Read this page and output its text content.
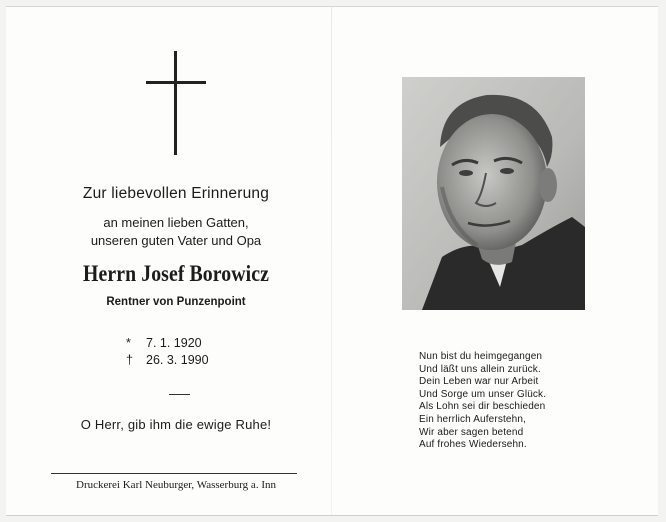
Zur liebevollen Erinnerung
an meinen lieben Gatten,
unseren guten Vater und Opa
Herrn Josef Borowicz
Rentner von Punzenpoint
* 7. 1. 1920
† 26. 3. 1990
O Herr, gib ihm die ewige Ruhe!
Druckerei Karl Neuburger, Wasserburg a. Inn
Nun bist du heimgegangen
Und läßt uns allein zurück.
Dein Leben war nur Arbeit
Und Sorge um unser Glück.
Als Lohn sei dir beschieden
Ein herrlich Auferstehn,
Wir aber sagen betend
Auf frohes Wiedersehn.
